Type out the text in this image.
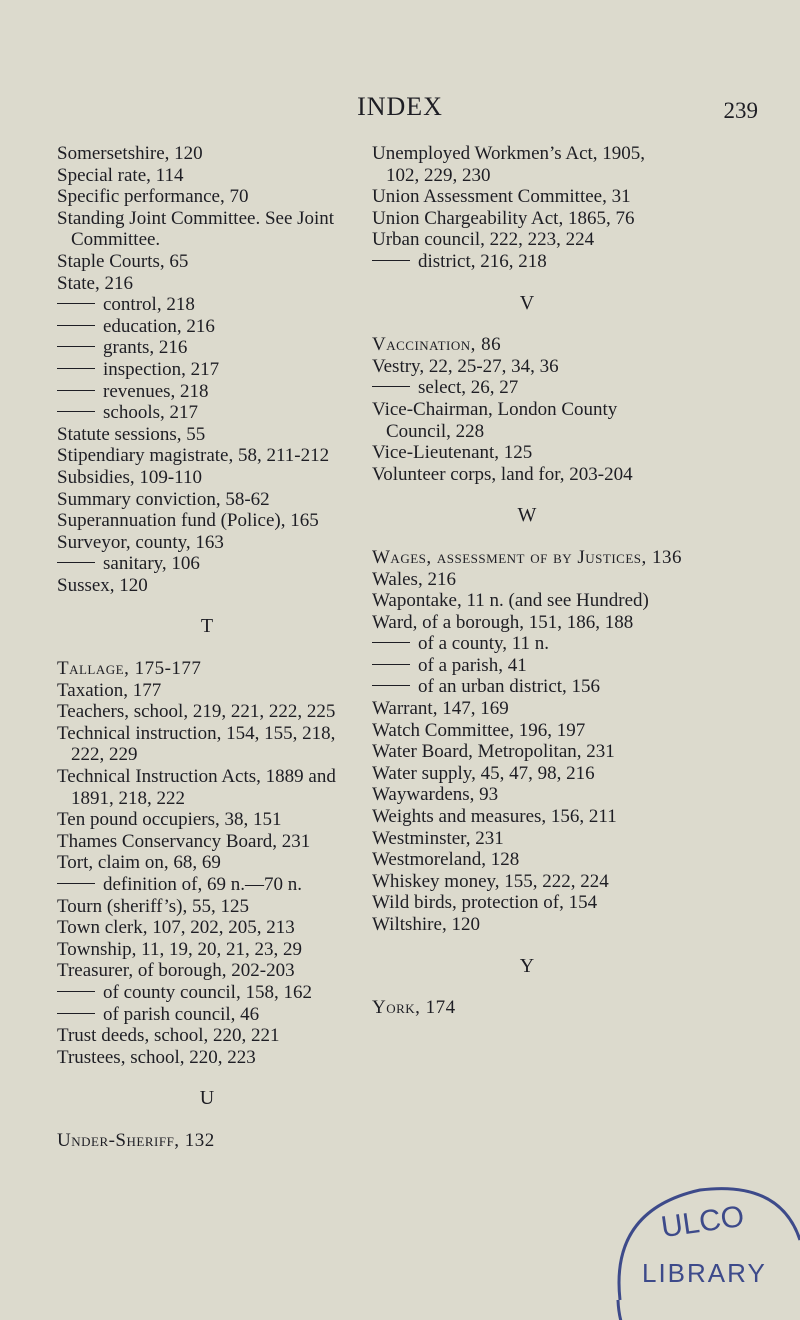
INDEX	239
Somersetshire, 120
Special rate, 114
Specific performance, 70
Standing Joint Committee. See Joint Committee.
Staple Courts, 65
State, 216
control, 218
education, 216
grants, 216
inspection, 217
revenues, 218
schools, 217
Statute sessions, 55
Stipendiary magistrate, 58, 211-212
Subsidies, 109-110
Summary conviction, 58-62
Superannuation fund (Police), 165
Surveyor, county, 163
sanitary, 106
Sussex, 120
T
Tallage, 175-177
Taxation, 177
Teachers, school, 219, 221, 222, 225
Technical instruction, 154, 155, 218, 222, 229
Technical Instruction Acts, 1889 and 1891, 218, 222
Ten pound occupiers, 38, 151
Thames Conservancy Board, 231
Tort, claim on, 68, 69
definition of, 69 n.—70 n.
Tourn (sheriff’s), 55, 125
Town clerk, 107, 202, 205, 213
Township, 11, 19, 20, 21, 23, 29
Treasurer, of borough, 202-203
of county council, 158, 162
of parish council, 46
Trust deeds, school, 220, 221
Trustees, school, 220, 223
U
Under-Sheriff, 132
Unemployed Workmen’s Act, 1905, 102, 229, 230
Union Assessment Committee, 31
Union Chargeability Act, 1865, 76
Urban council, 222, 223, 224
district, 216, 218
V
Vaccination, 86
Vestry, 22, 25-27, 34, 36
select, 26, 27
Vice-Chairman, London County Council, 228
Vice-Lieutenant, 125
Volunteer corps, land for, 203-204
W
Wages, assessment of by Justices, 136
Wales, 216
Wapontake, 11 n. (and see Hundred)
Ward, of a borough, 151, 186, 188
of a county, 11 n.
of a parish, 41
of an urban district, 156
Warrant, 147, 169
Watch Committee, 196, 197
Water Board, Metropolitan, 231
Water supply, 45, 47, 98, 216
Waywardens, 93
Weights and measures, 156, 211
Westminster, 231
Westmoreland, 128
Whiskey money, 155, 222, 224
Wild birds, protection of, 154
Wiltshire, 120
Y
York, 174
ULCO
LIBRARY
